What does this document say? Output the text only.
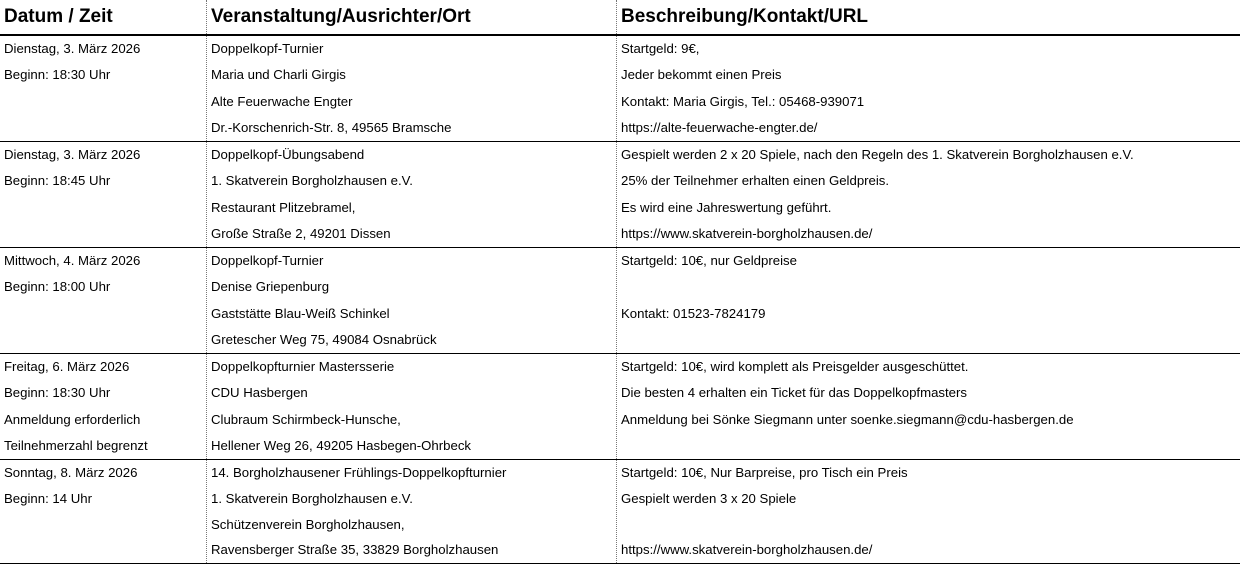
Datum / Zeit	Veranstaltung/Ausrichter/Ort	Beschreibung/Kontakt/URL
Dienstag, 3. März 2026
Beginn: 18:30 Uhr
Doppelkopf-Turnier
Maria und Charli Girgis
Alte Feuerwache Engter
Dr.-Korschenrich-Str. 8, 49565 Bramsche
Startgeld: 9€,
Jeder bekommt einen Preis
Kontakt: Maria Girgis, Tel.: 05468-939071
https://alte-feuerwache-engter.de/
Dienstag, 3. März 2026
Beginn: 18:45 Uhr
Doppelkopf-Übungsabend
1. Skatverein Borgholzhausen e.V.
Restaurant Plitzebramel,
Große Straße 2, 49201 Dissen
Gespielt werden 2 x 20 Spiele, nach den Regeln des 1. Skatverein Borgholzhausen e.V.
25% der Teilnehmer erhalten einen Geldpreis.
Es wird eine Jahreswertung geführt.
https://www.skatverein-borgholzhausen.de/
Mittwoch, 4. März 2026
Beginn: 18:00 Uhr
Doppelkopf-Turnier
Denise Griepenburg
Gaststätte Blau-Weiß Schinkel
Gretescher Weg 75, 49084 Osnabrück
Startgeld: 10€, nur Geldpreise
Kontakt: 01523-7824179
Freitag, 6. März 2026
Beginn: 18:30 Uhr
Anmeldung erforderlich
Teilnehmerzahl begrenzt
Doppelkopfturnier Mastersserie
CDU Hasbergen
Clubraum Schirmbeck-Hunsche,
Hellener Weg 26, 49205 Hasbegen-Ohrbeck
Startgeld: 10€, wird komplett als Preisgelder ausgeschüttet.
Die besten 4 erhalten ein Ticket für das Doppelkopfmasters
Anmeldung bei Sönke Siegmann unter soenke.siegmann@cdu-hasbergen.de
Sonntag, 8. März 2026
Beginn: 14 Uhr
14. Borgholzhausener Frühlings-Doppelkopfturnier
1. Skatverein Borgholzhausen e.V.
Schützenverein Borgholzhausen,
Ravensberger Straße 35, 33829 Borgholzhausen
Startgeld: 10€, Nur Barpreise, pro Tisch ein Preis
Gespielt werden 3 x 20 Spiele
https://www.skatverein-borgholzhausen.de/
